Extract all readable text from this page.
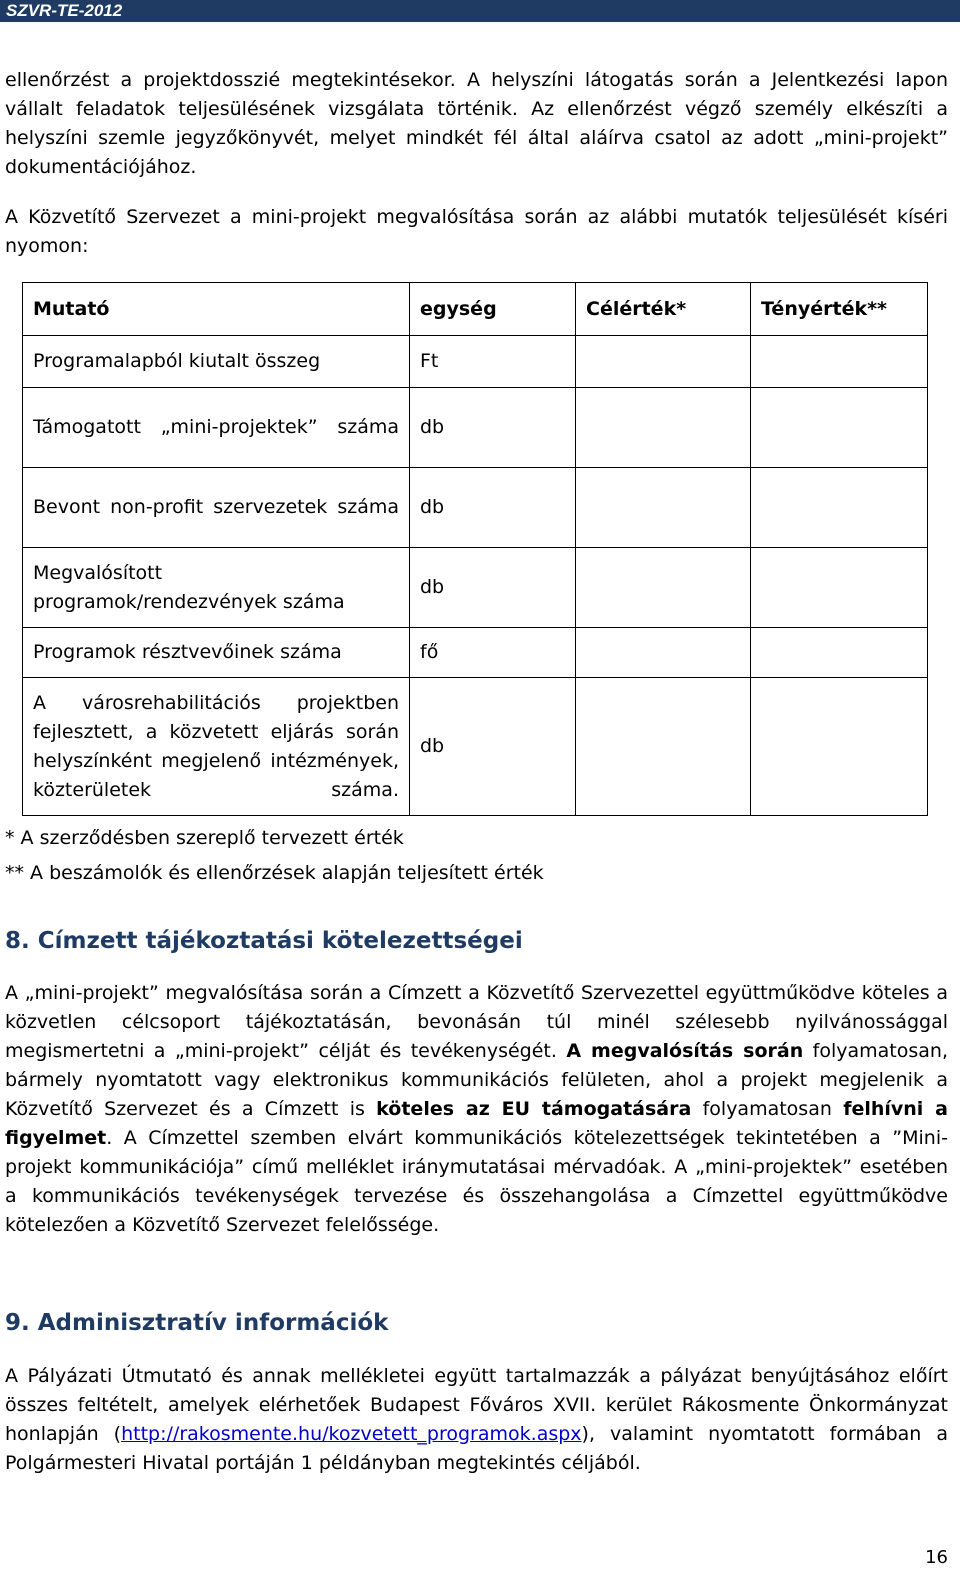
SZVR-TE-2012

ellenőrzést a projektdosszié megtekintésekor. A helyszíni látogatás során a Jelentkezési lapon vállalt feladatok teljesülésének vizsgálata történik. Az ellenőrzést végző személy elkészíti a helyszíni szemle jegyzőkönyvét, melyet mindkét fél által aláírva csatol az adott „mini-projekt” dokumentációjához.

A Közvetítő Szervezet a mini-projekt megvalósítása során az alábbi mutatók teljesülését kíséri nyomon:

Mutató	egység	Célérték*	Tényérték**
Programalapból kiutalt összeg	Ft		
Támogatott „mini-projektek” száma	db		
Bevont non-profit szervezetek száma	db		
Megvalósított programok/rendezvények száma	db		
Programok résztvevőinek száma	fő		
A városrehabilitációs projektben fejlesztett, a közvetett eljárás során helyszínként megjelenő intézmények, közterületek száma.	db		
* A szerződésben szereplő tervezett érték
** A beszámolók és ellenőrzések alapján teljesített érték
8. Címzett tájékoztatási kötelezettségei

A „mini-projekt” megvalósítása során a Címzett a Közvetítő Szervezettel együttműködve köteles a közvetlen célcsoport tájékoztatásán, bevonásán túl minél szélesebb nyilvánossággal megismertetni a „mini-projekt” célját és tevékenységét. A megvalósítás során folyamatosan, bármely nyomtatott vagy elektronikus kommunikációs felületen, ahol a projekt megjelenik a Közvetítő Szervezet és a Címzett is köteles az EU támogatására folyamatosan felhívni a figyelmet. A Címzettel szemben elvárt kommunikációs kötelezettségek tekintetében a ”Mini-projekt kommunikációja” című melléklet iránymutatásai mérvadóak. A „mini-projektek” esetében a kommunikációs tevékenységek tervezése és összehangolása a Címzettel együttműködve kötelezően a Közvetítő Szervezet felelőssége.

9. Adminisztratív információk

A Pályázati Útmutató és annak mellékletei együtt tartalmazzák a pályázat benyújtásához előírt összes feltételt, amelyek elérhetőek Budapest Főváros XVII. kerület Rákosmente Önkormányzat honlapján (http://rakosmente.hu/kozvetett_programok.aspx), valamint nyomtatott formában a Polgármesteri Hivatal portáján 1 példányban megtekintés céljából.

16
